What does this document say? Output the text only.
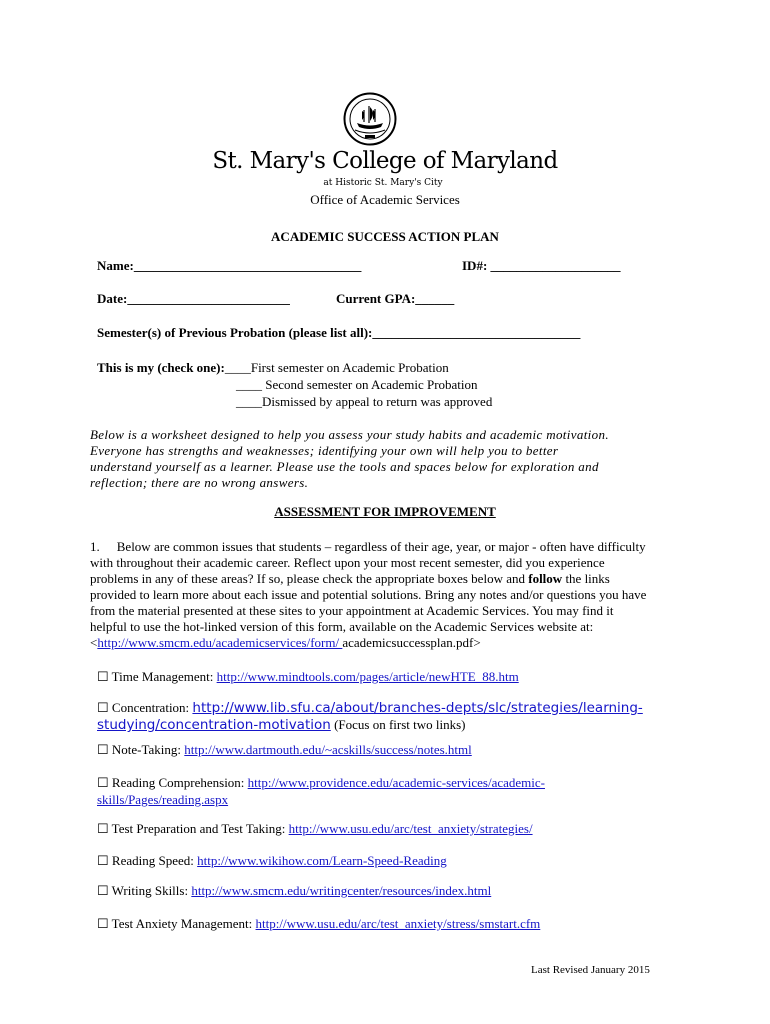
St. Mary's College of Maryland
at Historic St. Mary's City
Office of Academic Services
ACADEMIC SUCCESS ACTION PLAN
Name:___________________________________	ID#: ____________________
Date:_________________________	Current GPA:______
Semester(s) of Previous Probation (please list all):________________________________
This is my (check one):____First semester on Academic Probation
____ Second semester on Academic Probation
____Dismissed by appeal to return was approved
Below is a worksheet designed to help you assess your study habits and academic motivation.
Everyone has strengths and weaknesses; identifying your own will help you to better
understand yourself as a learner. Please use the tools and spaces below for exploration and
reflection; there are no wrong answers.
ASSESSMENT FOR IMPROVEMENT
1. Below are common issues that students – regardless of their age, year, or major - often have difficulty
with throughout their academic career. Reflect upon your most recent semester, did you experience
problems in any of these areas? If so, please check the appropriate boxes below and follow the links
provided to learn more about each issue and potential solutions. Bring any notes and/or questions you have
from the material presented at these sites to your appointment at Academic Services. You may find it
helpful to use the hot-linked version of this form, available on the Academic Services website at:
<http://www.smcm.edu/academicservices/form/ academicsuccessplan.pdf>
☐ Time Management: http://www.mindtools.com/pages/article/newHTE_88.htm
☐ Concentration: http://www.lib.sfu.ca/about/branches-depts/slc/strategies/learning-
studying/concentration-motivation (Focus on first two links)
☐ Note-Taking: http://www.dartmouth.edu/~acskills/success/notes.html
☐ Reading Comprehension: http://www.providence.edu/academic-services/academic-
skills/Pages/reading.aspx
☐ Test Preparation and Test Taking: http://www.usu.edu/arc/test_anxiety/strategies/
☐ Reading Speed: http://www.wikihow.com/Learn-Speed-Reading
☐ Writing Skills: http://www.smcm.edu/writingcenter/resources/index.html
☐ Test Anxiety Management: http://www.usu.edu/arc/test_anxiety/stress/smstart.cfm
Last Revised January 2015
